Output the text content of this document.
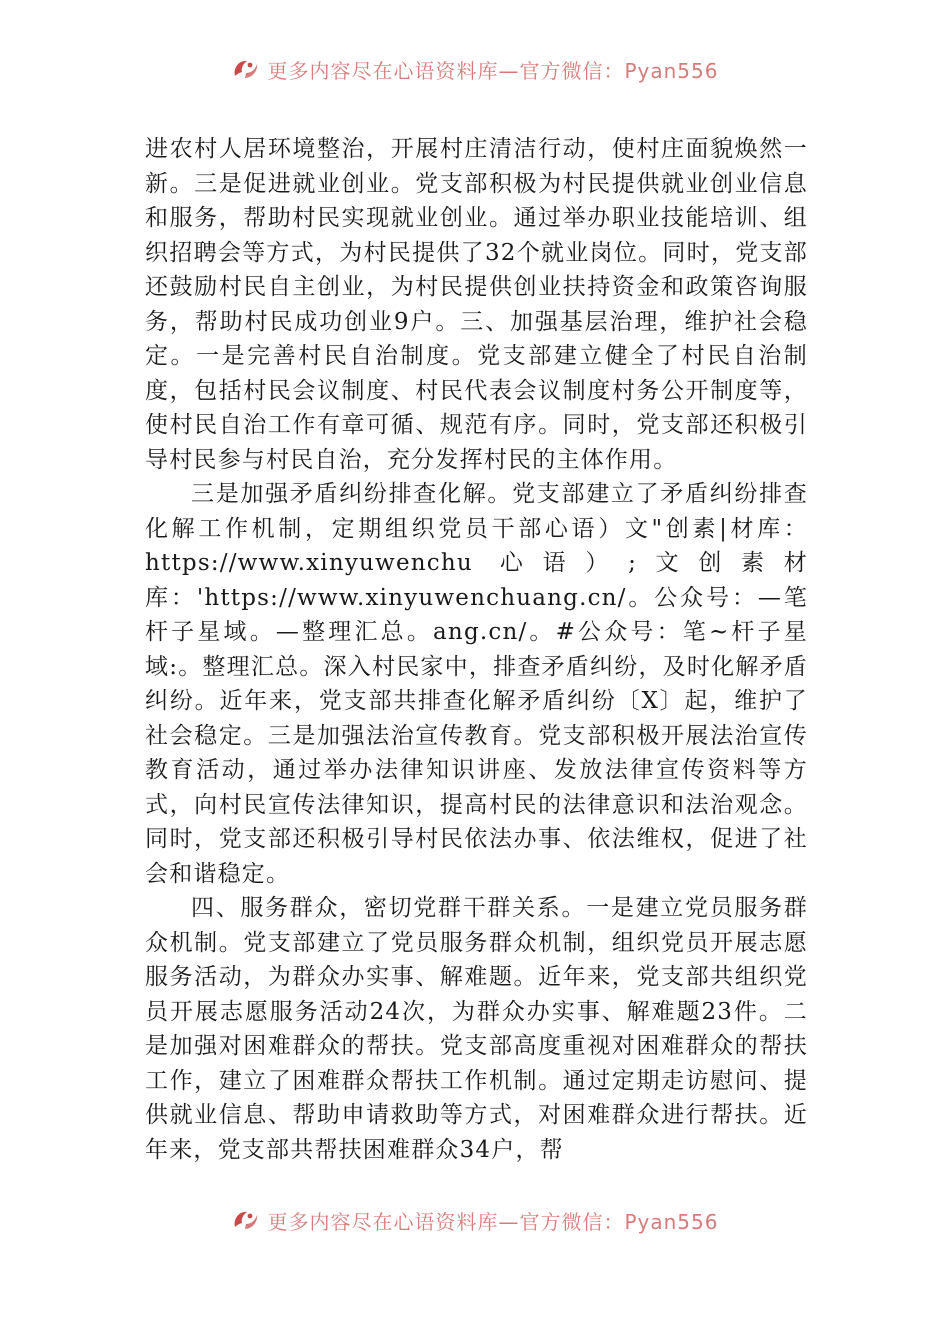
更多内容尽在心语资料库—官方微信：Pyan556

进农村人居环境整治，开展村庄清洁行动，使村庄面貌焕然一新。三是促进就业创业。党支部积极为村民提供就业创业信息和服务，帮助村民实现就业创业。通过举办职业技能培训、组织招聘会等方式，为村民提供了32个就业岗位。同时，党支部还鼓励村民自主创业，为村民提供创业扶持资金和政策咨询服务，帮助村民成功创业9户。三、加强基层治理，维护社会稳定。一是完善村民自治制度。党支部建立健全了村民自治制度，包括村民会议制度、村民代表会议制度村务公开制度等，使村民自治工作有章可循、规范有序。同时，党支部还积极引导村民参与村民自治，充分发挥村民的主体作用。

三是加强矛盾纠纷排查化解。党支部建立了矛盾纠纷排查化解工作机制，定期组织党员干部心语）文"创素|材库：https://www.xinyuwenchu 心语）;文创素材库：'https://www.xinyuwenchuang.cn/。公众号：—笔杆子星域。—整理汇总。ang.cn/。#公众号：笔~杆子星域:。整理汇总。深入村民家中，排查矛盾纠纷，及时化解矛盾纠纷。近年来，党支部共排查化解矛盾纠纷〔X〕起，维护了社会稳定。三是加强法治宣传教育。党支部积极开展法治宣传教育活动，通过举办法律知识讲座、发放法律宣传资料等方式，向村民宣传法律知识，提高村民的法律意识和法治观念。同时，党支部还积极引导村民依法办事、依法维权，促进了社会和谐稳定。

四、服务群众，密切党群干群关系。一是建立党员服务群众机制。党支部建立了党员服务群众机制，组织党员开展志愿服务活动，为群众办实事、解难题。近年来，党支部共组织党员开展志愿服务活动24次，为群众办实事、解难题23件。二是加强对困难群众的帮扶。党支部高度重视对困难群众的帮扶工作，建立了困难群众帮扶工作机制。通过定期走访慰问、提供就业信息、帮助申请救助等方式，对困难群众进行帮扶。近年来，党支部共帮扶困难群众34户，帮

更多内容尽在心语资料库—官方微信：Pyan556
